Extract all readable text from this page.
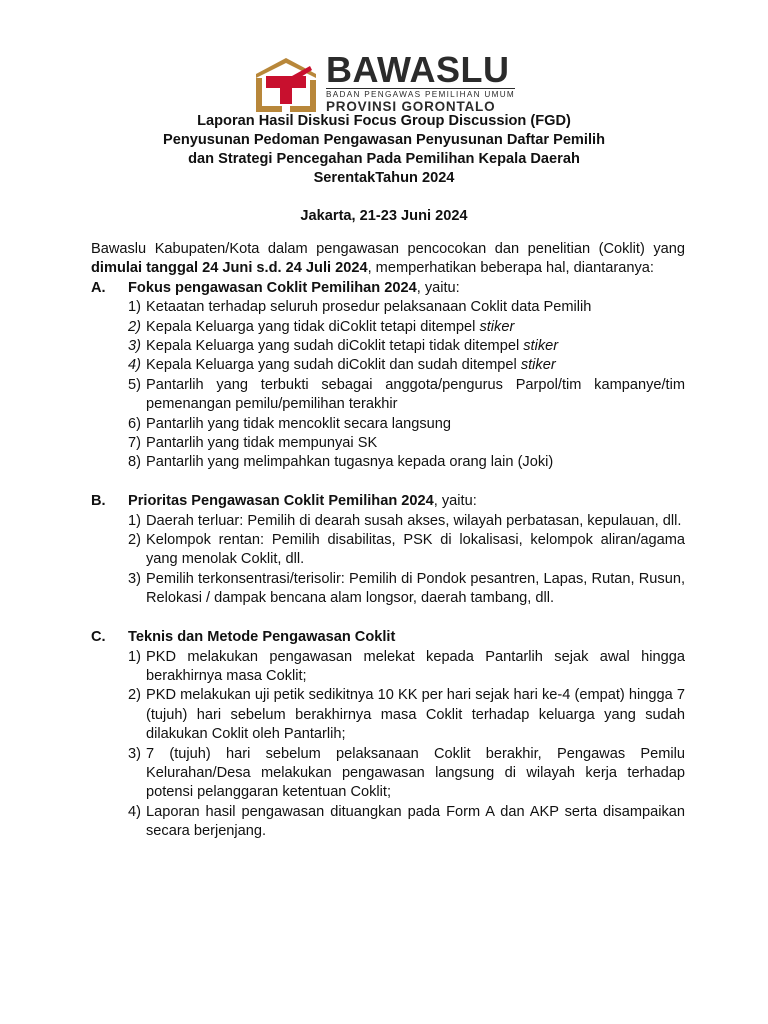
BAWASLU
BADAN PENGAWAS PEMILIHAN UMUM
PROVINSI GORONTALO
Laporan Hasil Diskusi Focus Group Discussion (FGD)
Penyusunan Pedoman Pengawasan Penyusunan Daftar Pemilih
dan Strategi Pencegahan Pada Pemilihan Kepala Daerah
SerentakTahun 2024
Jakarta, 21-23 Juni 2024

Bawaslu Kabupaten/Kota dalam pengawasan pencocokan dan penelitian (Coklit) yang dimulai tanggal 24 Juni s.d. 24 Juli 2024, memperhatikan beberapa hal, diantaranya:

A.	Fokus pengawasan Coklit Pemilihan 2024, yaitu:
1) Ketaatan terhadap seluruh prosedur pelaksanaan Coklit data Pemilih
2) Kepala Keluarga yang tidak diCoklit tetapi ditempel stiker
3) Kepala Keluarga yang sudah diCoklit tetapi tidak ditempel stiker
4) Kepala Keluarga yang sudah diCoklit dan sudah ditempel stiker
5) Pantarlih yang terbukti sebagai anggota/pengurus Parpol/tim kampanye/tim pemenangan pemilu/pemilihan terakhir
6) Pantarlih yang tidak mencoklit secara langsung
7) Pantarlih yang tidak mempunyai SK
8) Pantarlih yang melimpahkan tugasnya kepada orang lain (Joki)
B.	Prioritas Pengawasan Coklit Pemilihan 2024, yaitu:
1) Daerah terluar: Pemilih di dearah susah akses, wilayah perbatasan, kepulauan, dll.
2) Kelompok rentan: Pemilih disabilitas, PSK di lokalisasi, kelompok aliran/agama yang menolak Coklit, dll.
3) Pemilih terkonsentrasi/terisolir: Pemilih di Pondok pesantren, Lapas, Rutan, Rusun, Relokasi / dampak bencana alam longsor, daerah tambang, dll.
C.	Teknis dan Metode Pengawasan Coklit
1) PKD melakukan pengawasan melekat kepada Pantarlih sejak awal hingga berakhirnya masa Coklit;
2) PKD melakukan uji petik sedikitnya 10 KK per hari sejak hari ke-4 (empat) hingga 7 (tujuh) hari sebelum berakhirnya masa Coklit terhadap keluarga yang sudah dilakukan Coklit oleh Pantarlih;
3) 7 (tujuh) hari sebelum pelaksanaan Coklit berakhir, Pengawas Pemilu Kelurahan/Desa melakukan pengawasan langsung di wilayah kerja terhadap potensi pelanggaran ketentuan Coklit;
4) Laporan hasil pengawasan dituangkan pada Form A dan AKP serta disampaikan secara berjenjang.
